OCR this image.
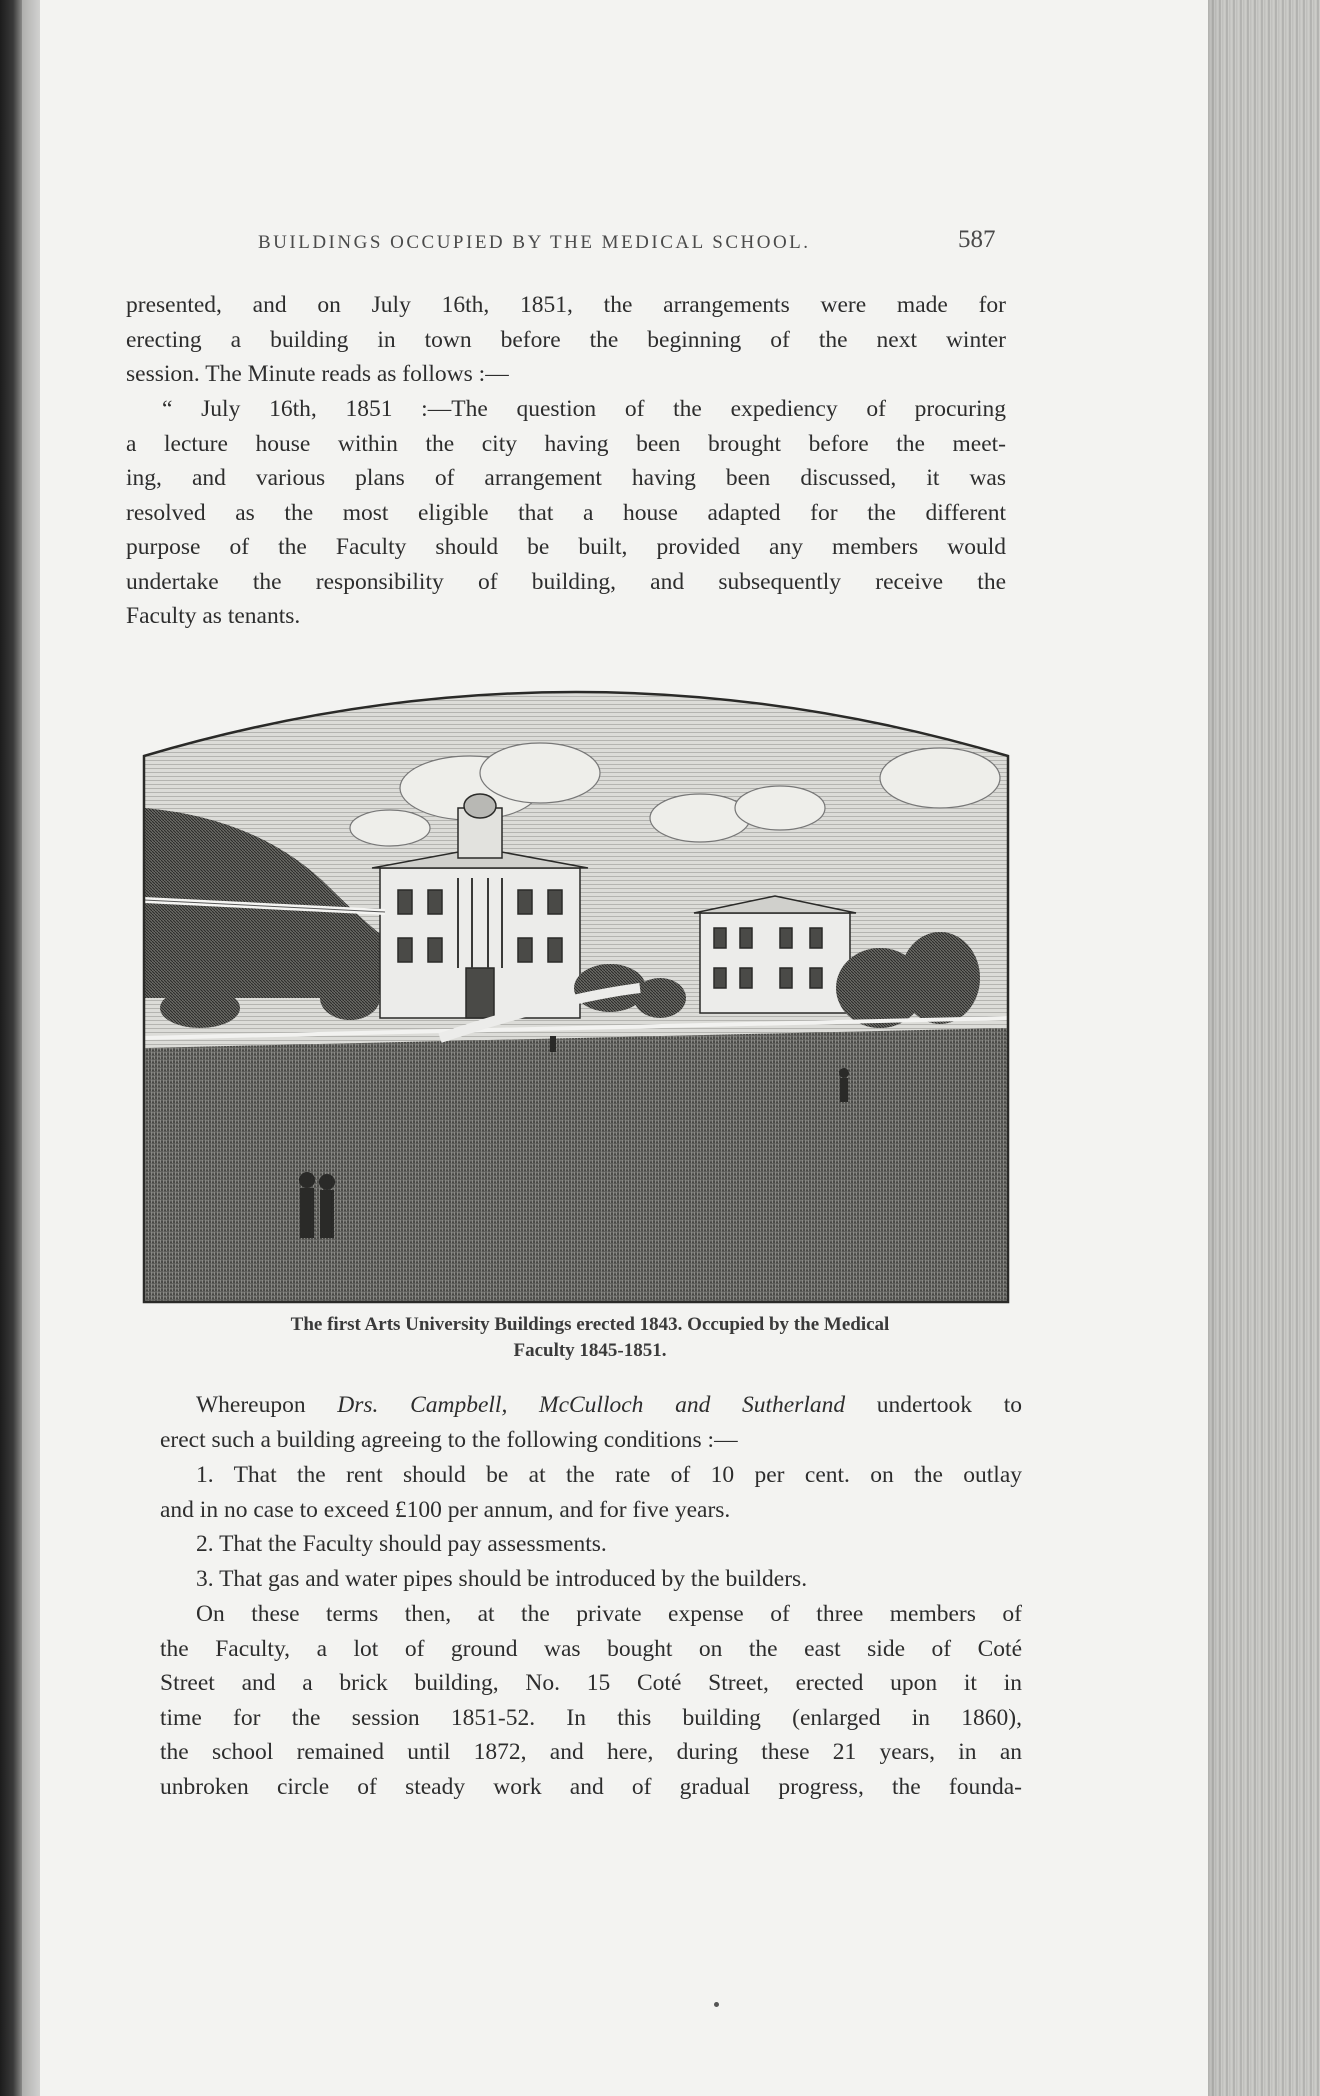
BUILDINGS OCCUPIED BY THE MEDICAL SCHOOL.	587
presented, and on July 16th, 1851, the arrangements were made for
erecting a building in town before the beginning of the next winter
session. The Minute reads as follows :—
“ July 16th, 1851 :—The question of the expediency of procuring
a lecture house within the city having been brought before the meet-
ing, and various plans of arrangement having been discussed, it was
resolved as the most eligible that a house adapted for the different
purpose of the Faculty should be built, provided any members would
undertake the responsibility of building, and subsequently receive the
Faculty as tenants.
The first Arts University Buildings erected 1843. Occupied by the Medical
Faculty 1845-1851.
Whereupon Drs. Campbell, McCulloch and Sutherland undertook to
erect such a building agreeing to the following conditions :—
1. That the rent should be at the rate of 10 per cent. on the outlay
and in no case to exceed £100 per annum, and for five years.
2. That the Faculty should pay assessments.
3. That gas and water pipes should be introduced by the builders.
On these terms then, at the private expense of three members of
the Faculty, a lot of ground was bought on the east side of Coté
Street and a brick building, No. 15 Coté Street, erected upon it in
time for the session 1851-52. In this building (enlarged in 1860),
the school remained until 1872, and here, during these 21 years, in an
unbroken circle of steady work and of gradual progress, the founda-
